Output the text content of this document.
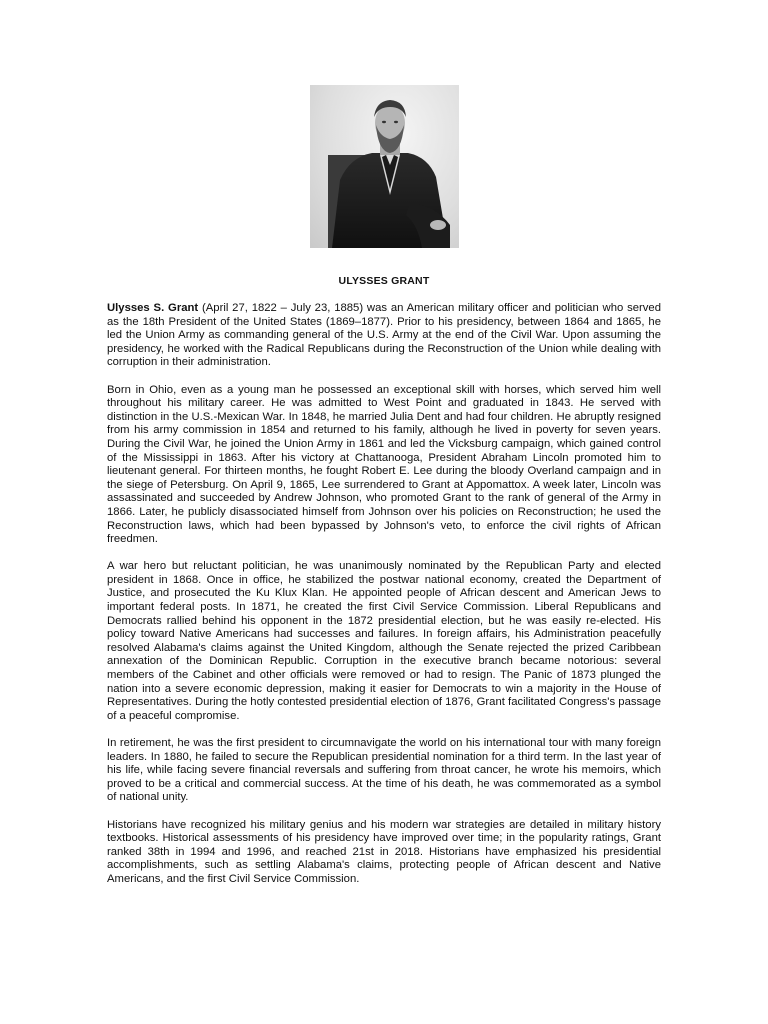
ULYSSES GRANT

Ulysses S. Grant (April 27, 1822 – July 23, 1885) was an American military officer and politician who served as the 18th President of the United States (1869–1877). Prior to his presidency, between 1864 and 1865, he led the Union Army as commanding general of the U.S. Army at the end of the Civil War. Upon assuming the presidency, he worked with the Radical Republicans during the Reconstruction of the Union while dealing with corruption in their administration.

Born in Ohio, even as a young man he possessed an exceptional skill with horses, which served him well throughout his military career. He was admitted to West Point and graduated in 1843. He served with distinction in the U.S.-Mexican War. In 1848, he married Julia Dent and had four children. He abruptly resigned from his army commission in 1854 and returned to his family, although he lived in poverty for seven years. During the Civil War, he joined the Union Army in 1861 and led the Vicksburg campaign, which gained control of the Mississippi in 1863. After his victory at Chattanooga, President Abraham Lincoln promoted him to lieutenant general. For thirteen months, he fought Robert E. Lee during the bloody Overland campaign and in the siege of Petersburg. On April 9, 1865, Lee surrendered to Grant at Appomattox. A week later, Lincoln was assassinated and succeeded by Andrew Johnson, who promoted Grant to the rank of general of the Army in 1866. Later, he publicly disassociated himself from Johnson over his policies on Reconstruction; he used the Reconstruction laws, which had been bypassed by Johnson's veto, to enforce the civil rights of African freedmen.

A war hero but reluctant politician, he was unanimously nominated by the Republican Party and elected president in 1868. Once in office, he stabilized the postwar national economy, created the Department of Justice, and prosecuted the Ku Klux Klan. He appointed people of African descent and American Jews to important federal posts. In 1871, he created the first Civil Service Commission. Liberal Republicans and Democrats rallied behind his opponent in the 1872 presidential election, but he was easily re-elected. His policy toward Native Americans had successes and failures. In foreign affairs, his Administration peacefully resolved Alabama's claims against the United Kingdom, although the Senate rejected the prized Caribbean annexation of the Dominican Republic. Corruption in the executive branch became notorious: several members of the Cabinet and other officials were removed or had to resign. The Panic of 1873 plunged the nation into a severe economic depression, making it easier for Democrats to win a majority in the House of Representatives. During the hotly contested presidential election of 1876, Grant facilitated Congress's passage of a peaceful compromise.

In retirement, he was the first president to circumnavigate the world on his international tour with many foreign leaders. In 1880, he failed to secure the Republican presidential nomination for a third term. In the last year of his life, while facing severe financial reversals and suffering from throat cancer, he wrote his memoirs, which proved to be a critical and commercial success. At the time of his death, he was commemorated as a symbol of national unity.

Historians have recognized his military genius and his modern war strategies are detailed in military history textbooks. Historical assessments of his presidency have improved over time; in the popularity ratings, Grant ranked 38th in 1994 and 1996, and reached 21st in 2018. Historians have emphasized his presidential accomplishments, such as settling Alabama's claims, protecting people of African descent and Native Americans, and the first Civil Service Commission.
